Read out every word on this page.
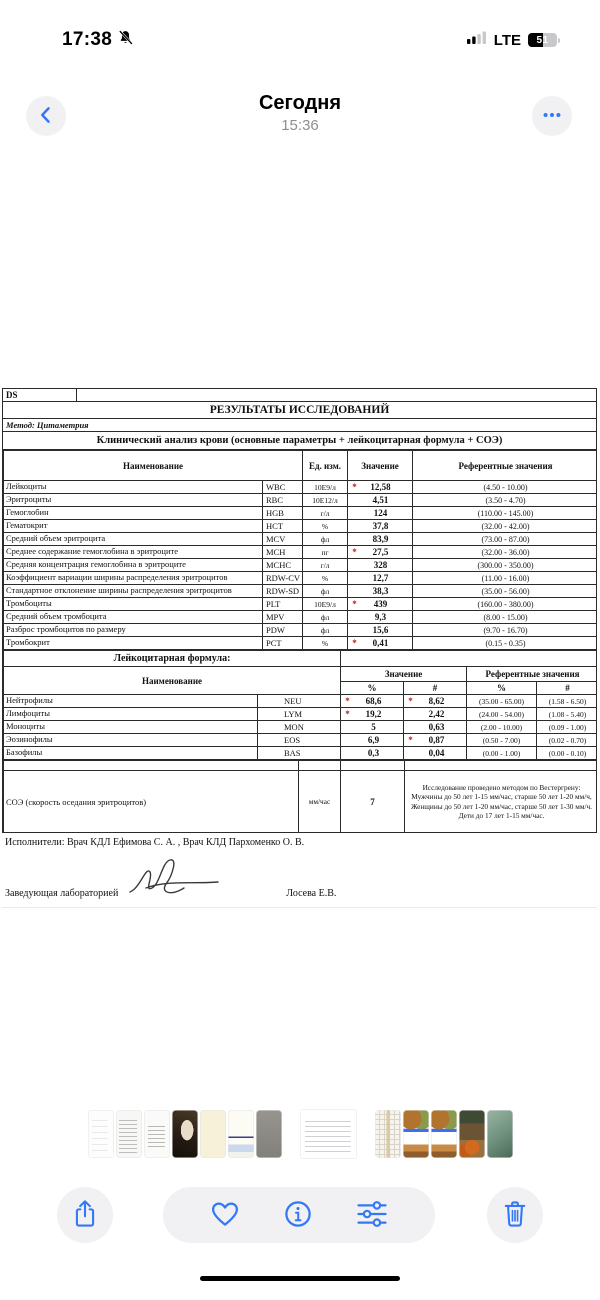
17:38	LTE 51
Сегодня
15:36
DS
РЕЗУЛЬТАТЫ ИССЛЕДОВАНИЙ
Метод: Цитаметрия
Клинический анализ крови (основные параметры + лейкоцитарная формула + СОЭ)
Наименование		Ед. изм.	Значение	Референтные значения
Лейкоциты	WBC	10E9/л	* 12,58	(4.50 - 10.00)
Эритроциты	RBC	10E12/л	4,51	(3.50 - 4.70)
Гемоглобин	HGB	г/л	124	(110.00 - 145.00)
Гематокрит	HCT	%	37,8	(32.00 - 42.00)
Средний объем эритроцита	MCV	фл	83,9	(73.00 - 87.00)
Среднее содержание гемоглобина в эритроците	MCH	пг	* 27,5	(32.00 - 36.00)
Средняя концентрация гемоглобина в эритроците	MCHC	г/л	328	(300.00 - 350.00)
Коэффициент вариации ширины распределения эритроцитов	RDW-CV	%	12,7	(11.00 - 16.00)
Стандартное отклонение ширины распределения эритроцитов	RDW-SD	фл	38,3	(35.00 - 56.00)
Тромбоциты	PLT	10E9/л	* 439	(160.00 - 380.00)
Средний объем тромбоцита	MPV	фл	9,3	(8.00 - 15.00)
Разброс тромбоцитов по размеру	PDW	фл	15,6	(9.70 - 16.70)
Тромбокрит	PCT	%	* 0,41	(0.15 - 0.35)
Лейкоцитарная формула:					
Наименование		Значение		Референтные значения	
		%	#	%	#
Нейтрофилы	NEU	* 68,6	* 8,62	(35.00 - 65.00)	(1.58 - 6.50)
Лимфоциты	LYM	* 19,2	2,42	(24.00 - 54.00)	(1.08 - 5.40)
Моноциты	MON	5	0,63	(2.00 - 10.00)	(0.09 - 1.00)
Эозинофилы	EOS	6,9	* 0,87	(0.50 - 7.00)	(0.02 - 0.70)
Базофилы	BAS	0,3	0,04	(0.00 - 1.00)	(0.00 - 0.10)

СОЭ (скорость оседания эритроцитов)	мм/час	7	Исследование проведено методом по Вестергрену: Мужчины до 50 лет 1-15 мм/час, старше 50 лет 1-20 мм/ч, Женщины до 50 лет 1-20 мм/час, старше 50 лет 1-30 мм/ч. Дети до 17 лет 1-15 мм/час.
Исполнители: Врач КДЛ Ефимова С. А. , Врач КЛД Пархоменко О. В.
Заведующая лабораторией	Лосева Е.В.
